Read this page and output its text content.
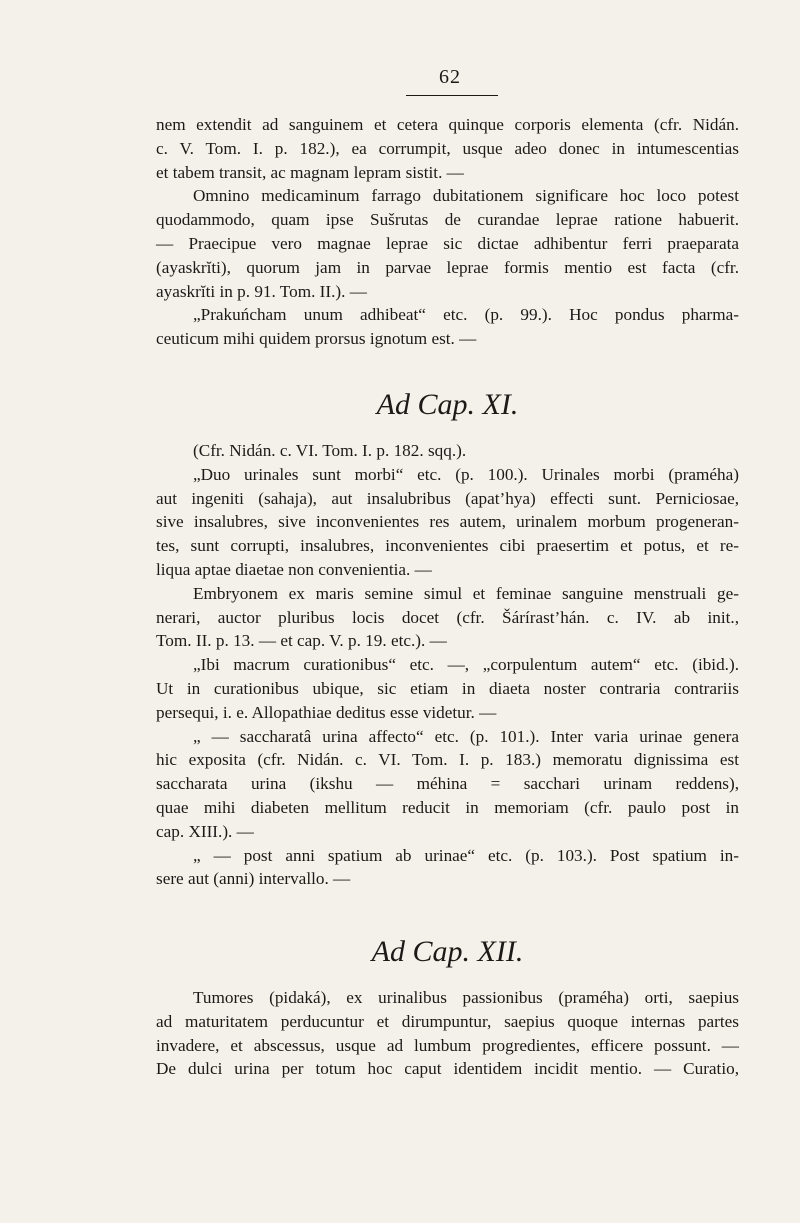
62
nem extendit ad sanguinem et cetera quinque corporis elementa (cfr. Nidán.
c. V. Tom. I. p. 182.), ea corrumpit, usque adeo donec in intumescentias
et tabem transit, ac magnam lepram sistit. —
Omnino medicaminum farrago dubitationem significare hoc loco potest
quodammodo, quam ipse Sušrutas de curandae leprae ratione habuerit.
— Praecipue vero magnae leprae sic dictae adhibentur ferri praeparata
(ayaskrĭti), quorum jam in parvae leprae formis mentio est facta (cfr.
ayaskrĭti in p. 91. Tom. II.). —
„Prakuńcham unum adhibeat“ etc. (p. 99.). Hoc pondus pharma-
ceuticum mihi quidem prorsus ignotum est. —
Ad Cap. XI.
(Cfr. Nidán. c. VI. Tom. I. p. 182. sqq.).
„Duo urinales sunt morbi“ etc. (p. 100.). Urinales morbi (praméha)
aut ingeniti (sahaja), aut insalubribus (apat’hya) effecti sunt. Perniciosae,
sive insalubres, sive inconvenientes res autem, urinalem morbum progeneran-
tes, sunt corrupti, insalubres, inconvenientes cibi praesertim et potus, et re-
liqua aptae diaetae non convenientia. —
Embryonem ex maris semine simul et feminae sanguine menstruali ge-
nerari, auctor pluribus locis docet (cfr. Šárírast’hán. c. IV. ab init.,
Tom. II. p. 13. — et cap. V. p. 19. etc.). —
„Ibi macrum curationibus“ etc. —, „corpulentum autem“ etc. (ibid.).
Ut in curationibus ubique, sic etiam in diaeta noster contraria contrariis
persequi, i. e. Allopathiae deditus esse videtur. —
„ — saccharatâ urina affecto“ etc. (p. 101.). Inter varia urinae genera
hic exposita (cfr. Nidán. c. VI. Tom. I. p. 183.) memoratu dignissima est
saccharata urina (ikshu — méhina = sacchari urinam reddens),
quae mihi diabeten mellitum reducit in memoriam (cfr. paulo post in
cap. XIII.). —
„ — post anni spatium ab urinae“ etc. (p. 103.). Post spatium in-
sere aut (anni) intervallo. —
Ad Cap. XII.
Tumores (pidaká), ex urinalibus passionibus (praméha) orti, saepius
ad maturitatem perducuntur et dirumpuntur, saepius quoque internas partes
invadere, et abscessus, usque ad lumbum progredientes, efficere possunt. —
De dulci urina per totum hoc caput identidem incidit mentio. — Curatio,
